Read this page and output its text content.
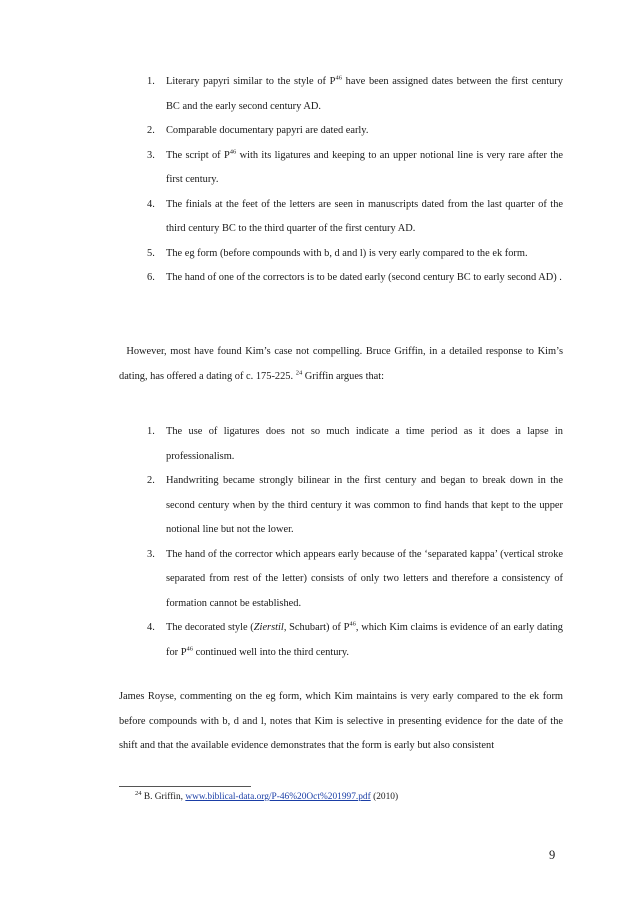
1. Literary papyri similar to the style of $P^{46}$ have been assigned dates between the first century BC and the early second century AD.
2. Comparable documentary papyri are dated early.
3. The script of $P^{46}$ with its ligatures and keeping to an upper notional line is very rare after the first century.
4. The finials at the feet of the letters are seen in manuscripts dated from the last quarter of the third century BC to the third quarter of the first century AD.
5. The eg form (before compounds with b, d and l) is very early compared to the ek form.
6. The hand of one of the correctors is to be dated early (second century BC to early second AD) .

However, most have found Kim’s case not compelling. Bruce Griffin, in a detailed response to Kim’s dating, has offered a dating of c. 175-225. $^{24}$ Griffin argues that:

1. The use of ligatures does not so much indicate a time period as it does a lapse in professionalism.
2. Handwriting became strongly bilinear in the first century and began to break down in the second century when by the third century it was common to find hands that kept to the upper notional line but not the lower.
3. The hand of the corrector which appears early because of the ‘separated kappa’ (vertical stroke separated from rest of the letter) consists of only two letters and therefore a consistency of formation cannot be established.
4. The decorated style (Zierstil, Schubart) of $P^{46}$, which Kim claims is evidence of an early dating for $P^{46}$ continued well into the third century.

James Royse, commenting on the eg form, which Kim maintains is very early compared to the ek form before compounds with b, d and l, notes that Kim is selective in presenting evidence for the date of the shift and that the available evidence demonstrates that the form is early but also consistent

$^{24}$ B. Griffin, www.biblical-data.org/P-46%20Oct%201997.pdf (2010)
9
